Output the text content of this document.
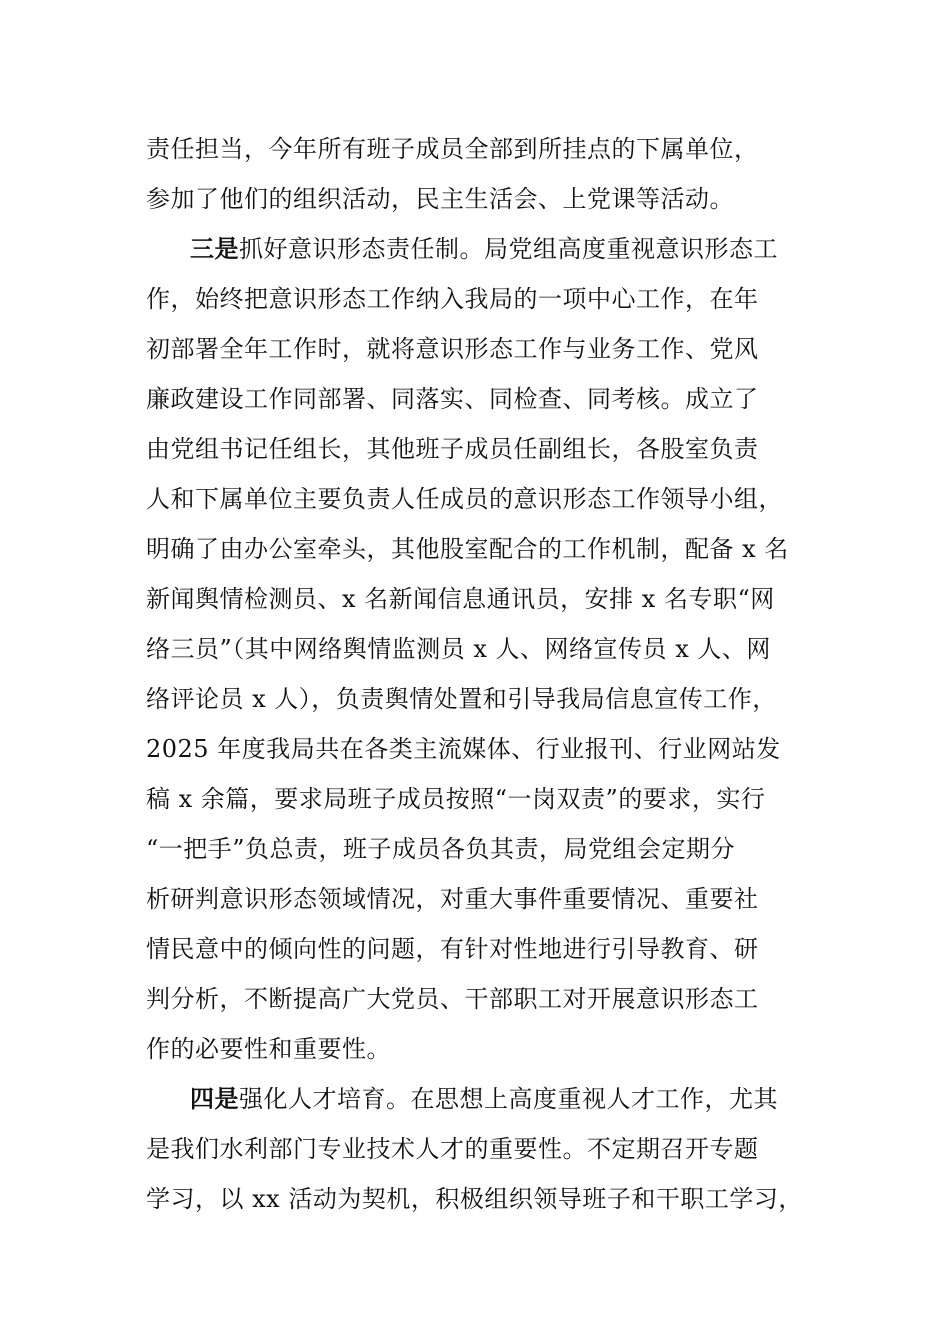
责任担当，今年所有班子成员全部到所挂点的下属单位，
参加了他们的组织活动，民主生活会、上党课等活动。
三是抓好意识形态责任制。局党组高度重视意识形态工
作，始终把意识形态工作纳入我局的一项中心工作，在年
初部署全年工作时，就将意识形态工作与业务工作、党风
廉政建设工作同部署、同落实、同检查、同考核。成立了
由党组书记任组长，其他班子成员任副组长，各股室负责
人和下属单位主要负责人任成员的意识形态工作领导小组，
明确了由办公室牵头，其他股室配合的工作机制，配备 x 名
新闻舆情检测员、x 名新闻信息通讯员，安排 x 名专职“网
络三员”（其中网络舆情监测员 x 人、网络宣传员 x 人、网
络评论员 x 人），负责舆情处置和引导我局信息宣传工作，
2025 年度我局共在各类主流媒体、行业报刊、行业网站发
稿 x 余篇，要求局班子成员按照“一岗双责”的要求，实行
“一把手”负总责，班子成员各负其责，局党组会定期分
析研判意识形态领域情况，对重大事件重要情况、重要社
情民意中的倾向性的问题，有针对性地进行引导教育、研
判分析，不断提高广大党员、干部职工对开展意识形态工
作的必要性和重要性。
四是强化人才培育。在思想上高度重视人才工作，尤其
是我们水利部门专业技术人才的重要性。不定期召开专题
学习，以 xx 活动为契机，积极组织领导班子和干职工学习，
